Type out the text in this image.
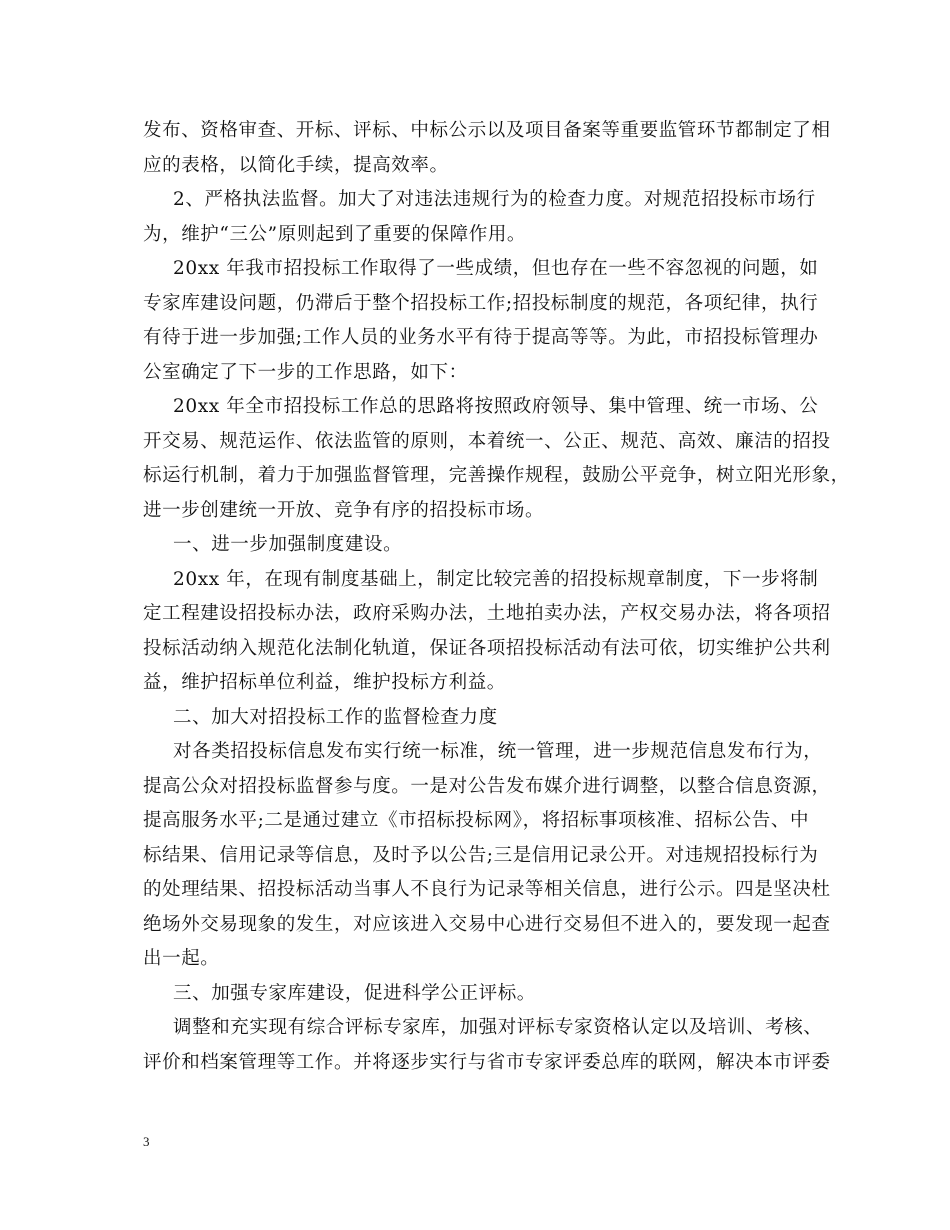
发布、资格审查、开标、评标、中标公示以及项目备案等重要监管环节都制定了相
应的表格，以简化手续，提高效率。
2、严格执法监督。加大了对违法违规行为的检查力度。对规范招投标市场行
为，维护“三公”原则起到了重要的保障作用。
20xx 年我市招投标工作取得了一些成绩，但也存在一些不容忽视的问题，如
专家库建设问题，仍滞后于整个招投标工作;招投标制度的规范，各项纪律，执行
有待于进一步加强;工作人员的业务水平有待于提高等等。为此，市招投标管理办
公室确定了下一步的工作思路，如下：
20xx 年全市招投标工作总的思路将按照政府领导、集中管理、统一市场、公
开交易、规范运作、依法监管的原则，本着统一、公正、规范、高效、廉洁的招投
标运行机制，着力于加强监督管理，完善操作规程，鼓励公平竞争，树立阳光形象，
进一步创建统一开放、竞争有序的招投标市场。
一、进一步加强制度建设。
20xx 年，在现有制度基础上，制定比较完善的招投标规章制度，下一步将制
定工程建设招投标办法，政府采购办法，土地拍卖办法，产权交易办法，将各项招
投标活动纳入规范化法制化轨道，保证各项招投标活动有法可依，切实维护公共利
益，维护招标单位利益，维护投标方利益。
二、加大对招投标工作的监督检查力度
对各类招投标信息发布实行统一标准，统一管理，进一步规范信息发布行为，
提高公众对招投标监督参与度。一是对公告发布媒介进行调整，以整合信息资源，
提高服务水平;二是通过建立《市招标投标网》，将招标事项核准、招标公告、中
标结果、信用记录等信息，及时予以公告;三是信用记录公开。对违规招投标行为
的处理结果、招投标活动当事人不良行为记录等相关信息，进行公示。四是坚决杜
绝场外交易现象的发生，对应该进入交易中心进行交易但不进入的，要发现一起查
出一起。
三、加强专家库建设，促进科学公正评标。
调整和充实现有综合评标专家库，加强对评标专家资格认定以及培训、考核、
评价和档案管理等工作。并将逐步实行与省市专家评委总库的联网，解决本市评委
3
